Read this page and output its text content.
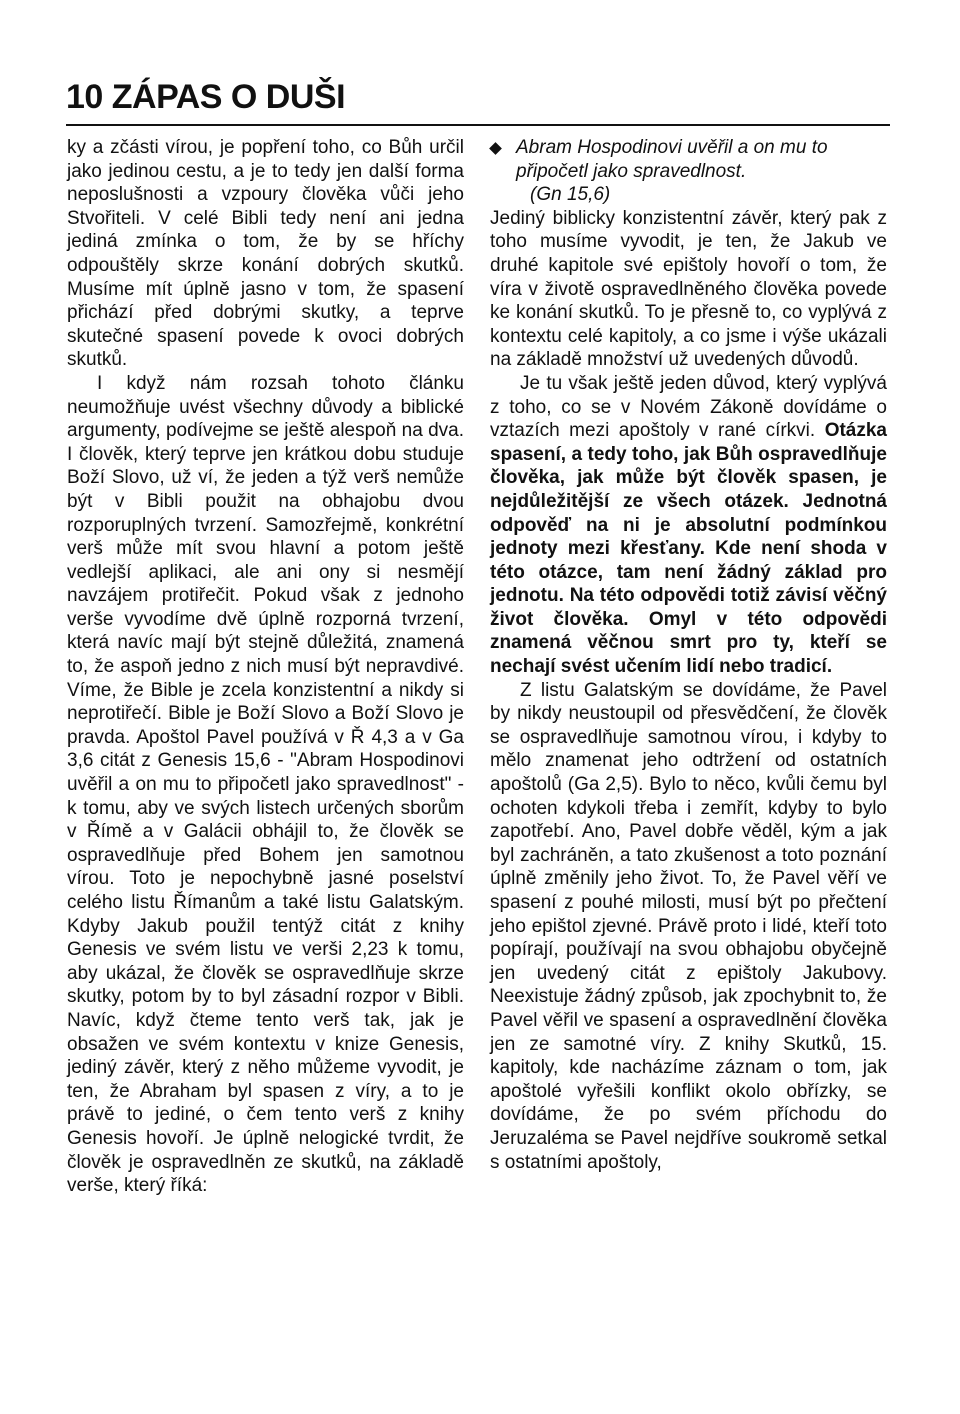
10 ZÁPAS O DUŠI

ky a zčásti vírou, je popření toho, co Bůh určil jako jedinou cestu, a je to tedy jen další forma neposlušnosti a vzpoury člověka vůči jeho Stvořiteli. V celé Bibli tedy není ani jedna jediná zmínka o tom, že by se hříchy odpouštěly skrze konání dobrých skutků. Musíme mít úplně jasno v tom, že spasení přichází před dobrými skutky, a teprve skutečné spasení povede k ovoci dobrých skutků.

I když nám rozsah tohoto článku neumožňuje uvést všechny důvody a biblické argumenty, podívejme se ještě alespoň na dva. I člověk, který teprve jen krátkou dobu studuje Boží Slovo, už ví, že jeden a týž verš nemůže být v Bibli použit na obhajobu dvou rozporuplných tvrzení. Samozřejmě, konkrétní verš může mít svou hlavní a potom ještě vedlejší aplikaci, ale ani ony si nesmějí navzájem protiřečit. Pokud však z jednoho verše vyvodíme dvě úplně rozporná tvrzení, která navíc mají být stejně důležitá, znamená to, že aspoň jedno z nich musí být nepravdivé. Víme, že Bible je zcela konzistentní a nikdy si neprotiřečí. Bible je Boží Slovo a Boží Slovo je pravda. Apoštol Pavel používá v Ř 4,3 a v Ga 3,6 citát z Genesis 15,6 - "Abram Hospodinovi uvěřil a on mu to připočetl jako spravedlnost" - k tomu, aby ve svých listech určených sborům v Římě a v Galácii obhájil to, že člověk se ospravedlňuje před Bohem jen samotnou vírou. Toto je nepochybně jasné poselství celého listu Římanům a také listu Galatským. Kdyby Jakub použil tentýž citát z knihy Genesis ve svém listu ve verši 2,23 k tomu, aby ukázal, že člověk se ospravedlňuje skrze skutky, potom by to byl zásadní rozpor v Bibli. Navíc, když čteme tento verš tak, jak je obsažen ve svém kontextu v knize Genesis, jediný závěr, který z něho můžeme vyvodit, je ten, že Abraham byl spasen z víry, a to je právě to jediné, o čem tento verš z knihy Genesis hovoří. Je úplně nelogické tvrdit, že člověk je ospravedlněn ze skutků, na základě verše, který říká:

Abram Hospodinovi uvěřil a on mu to připočetl jako spravedlnost.

(Gn 15,6)

Jediný biblicky konzistentní závěr, který pak z toho musíme vyvodit, je ten, že Jakub ve druhé kapitole své epištoly hovoří o tom, že víra v životě ospravedlněného člověka povede ke konání skutků. To je přesně to, co vyplývá z kontextu celé kapitoly, a co jsme i výše ukázali na základě množství už uvedených důvodů.

Je tu však ještě jeden důvod, který vyplývá z toho, co se v Novém Zákoně dovídáme o vztazích mezi apoštoly v rané církvi. Otázka spasení, a tedy toho, jak Bůh ospravedlňuje člověka, jak může být člověk spasen, je nejdůležitější ze všech otázek. Jednotná odpověď na ni je absolutní podmínkou jednoty mezi křesťany. Kde není shoda v této otázce, tam není žádný základ pro jednotu. Na této odpovědi totiž závisí věčný život člověka. Omyl v této odpovědi znamená věčnou smrt pro ty, kteří se nechají svést učením lidí nebo tradicí.

Z listu Galatským se dovídáme, že Pavel by nikdy neustoupil od přesvědčení, že člověk se ospravedlňuje samotnou vírou, i kdyby to mělo znamenat jeho odtržení od ostatních apoštolů (Ga 2,5). Bylo to něco, kvůli čemu byl ochoten kdykoli třeba i zemřít, kdyby to bylo zapotřebí. Ano, Pavel dobře věděl, kým a jak byl zachráněn, a tato zkušenost a toto poznání úplně změnily jeho život. To, že Pavel věří ve spasení z pouhé milosti, musí být po přečtení jeho epištol zjevné. Právě proto i lidé, kteří toto popírají, používají na svou obhajobu obyčejně jen uvedený citát z epištoly Jakubovy. Neexistuje žádný způsob, jak zpochybnit to, že Pavel věřil ve spasení a ospravedlnění člověka jen ze samotné víry. Z knihy Skutků, 15. kapitoly, kde nacházíme záznam o tom, jak apoštolé vyřešili konflikt okolo obřízky, se dovídáme, že po svém příchodu do Jeruzaléma se Pavel nejdříve soukromě setkal s ostatními apoštoly,
